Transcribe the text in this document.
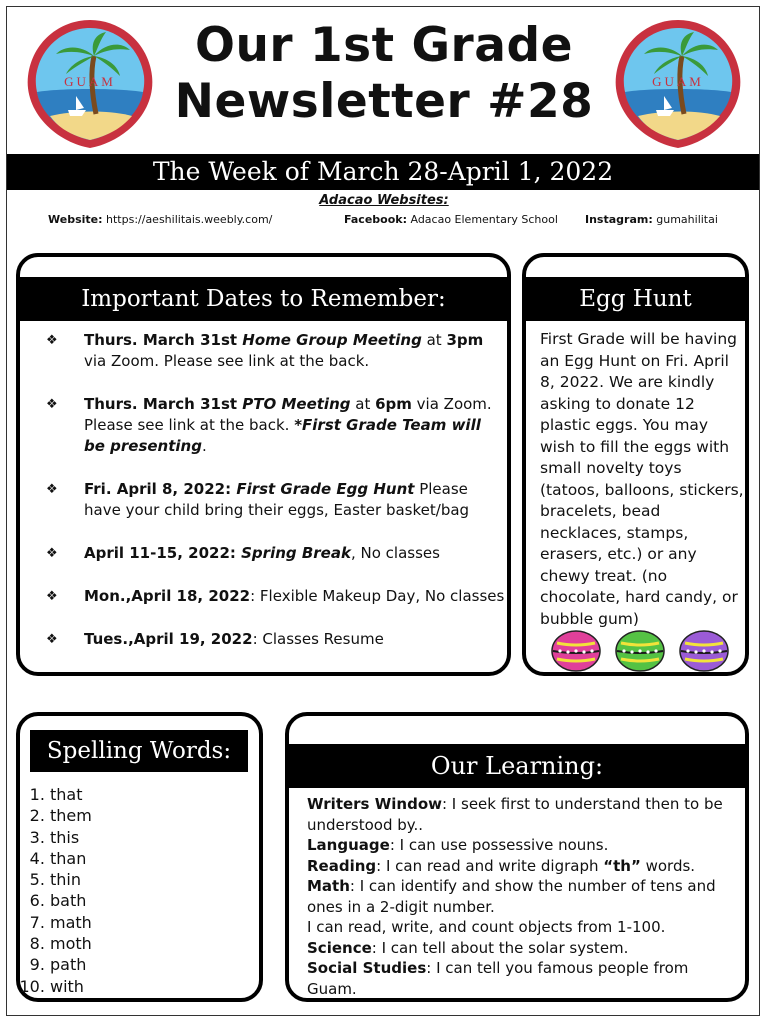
GUAM	GUAM
Our 1st Grade
Newsletter #28
The Week of March 28-April 1, 2022
Adacao Websites:
Website: https://aeshilitais.weebly.com/	Facebook: Adacao Elementary School Instagram: gumahilitai
Important Dates to Remember:
❖ Thurs. March 31st Home Group Meeting at 3pm via Zoom. Please see link at the back.
❖ Thurs. March 31st PTO Meeting at 6pm via Zoom. Please see link at the back. *First Grade Team will be presenting.
❖ Fri. April 8, 2022: First Grade Egg Hunt Please have your child bring their eggs, Easter basket/bag
❖ April 11-15, 2022: Spring Break, No classes
❖ Mon.,April 18, 2022: Flexible Makeup Day, No classes
❖ Tues.,April 19, 2022: Classes Resume
Egg Hunt
First Grade will be having an Egg Hunt on Fri. April 8, 2022. We are kindly asking to donate 12 plastic eggs. You may wish to fill the eggs with small novelty toys (tatoos, balloons, stickers, bracelets, bead necklaces, stamps, erasers, etc.) or any chewy treat. (no chocolate, hard candy, or bubble gum)
Spelling Words:
1. that
2. them
3. this
4. than
5. thin
6. bath
7. math
8. moth
9. path
10. with
Our Learning:
Writers Window: I seek first to understand then to be understood by..
Language: I can use possessive nouns.
Reading: I can read and write digraph “th” words.
Math: I can identify and show the number of tens and ones in a 2-digit number.
I can read, write, and count objects from 1-100.
Science: I can tell about the solar system.
Social Studies: I can tell you famous people from Guam.
